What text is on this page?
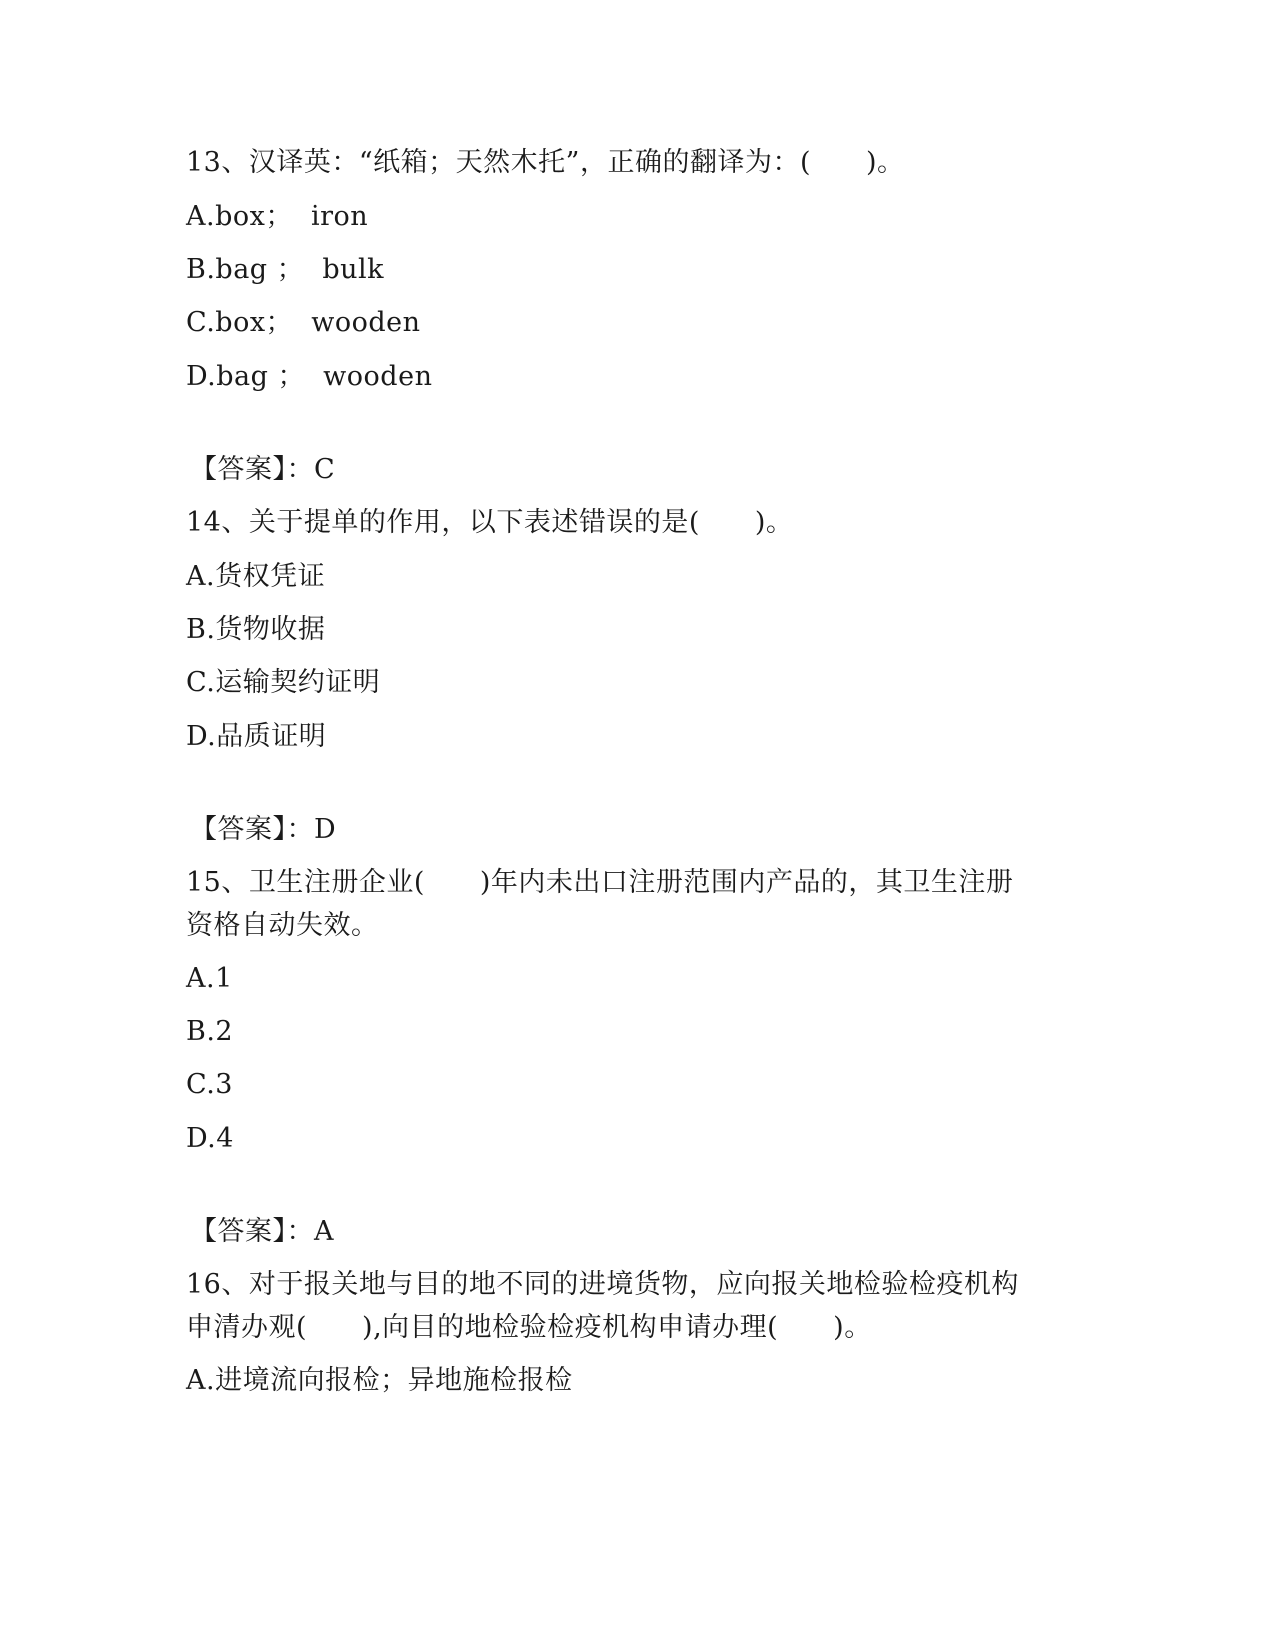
13、汉译英：“纸箱；天然木托”，正确的翻译为：(　　)。
A.box；  iron
B.bag ；  bulk
C.box；  wooden
D.bag ；  wooden
【答案】：C
14、关于提单的作用，以下表述错误的是(　　)。
A.货权凭证
B.货物收据
C.运输契约证明
D.品质证明
【答案】：D
15、卫生注册企业(　　)年内未出口注册范围内产品的，其卫生注册
资格自动失效。
A.1
B.2
C.3
D.4
【答案】：A
16、对于报关地与目的地不同的进境货物，应向报关地检验检疫机构
申清办观(　　),向目的地检验检疫机构申请办理(　　)。
A.进境流向报检；异地施检报检
